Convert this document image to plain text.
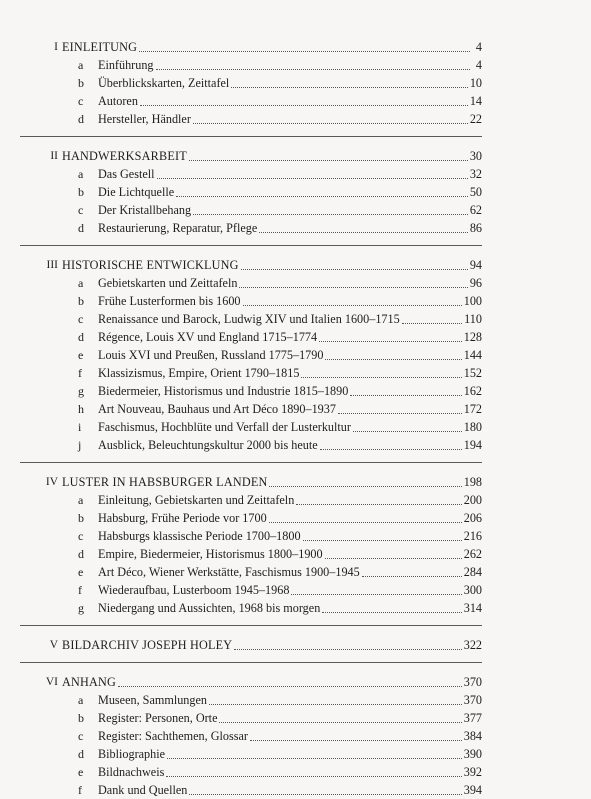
I EINLEITUNG	4
a	Einführung	4
b	Überblickskarten, Zeittafel	10
c	Autoren	14
d	Hersteller, Händler	22
II HANDWERKSARBEIT	30
a	Das Gestell	32
b	Die Lichtquelle	50
c	Der Kristallbehang	62
d	Restaurierung, Reparatur, Pflege	86
III HISTORISCHE ENTWICKLUNG	94
a	Gebietskarten und Zeittafeln	96
b	Frühe Lusterformen bis 1600	100
c	Renaissance und Barock, Ludwig XIV und Italien 1600–1715	110
d	Régence, Louis XV und England 1715–1774	128
e	Louis XVI und Preußen, Russland 1775–1790	144
f	Klassizismus, Empire, Orient 1790–1815	152
g	Biedermeier, Historismus und Industrie 1815–1890	162
h	Art Nouveau, Bauhaus und Art Déco 1890–1937	172
i	Faschismus, Hochblüte und Verfall der Lusterkultur	180
j	Ausblick, Beleuchtungskultur 2000 bis heute	194
IV LUSTER IN HABSBURGER LANDEN	198
a	Einleitung, Gebietskarten und Zeittafeln	200
b	Habsburg, Frühe Periode vor 1700	206
c	Habsburgs klassische Periode 1700–1800	216
d	Empire, Biedermeier, Historismus 1800–1900	262
e	Art Déco, Wiener Werkstätte, Faschismus 1900–1945	284
f	Wiederaufbau, Lusterboom 1945–1968	300
g	Niedergang und Aussichten, 1968 bis morgen	314
V BILDARCHIV JOSEPH HOLEY	322
VI ANHANG	370
a	Museen, Sammlungen	370
b	Register: Personen, Orte	377
c	Register: Sachthemen, Glossar	384
d	Bibliographie	390
e	Bildnachweis	392
f	Dank und Quellen	394
